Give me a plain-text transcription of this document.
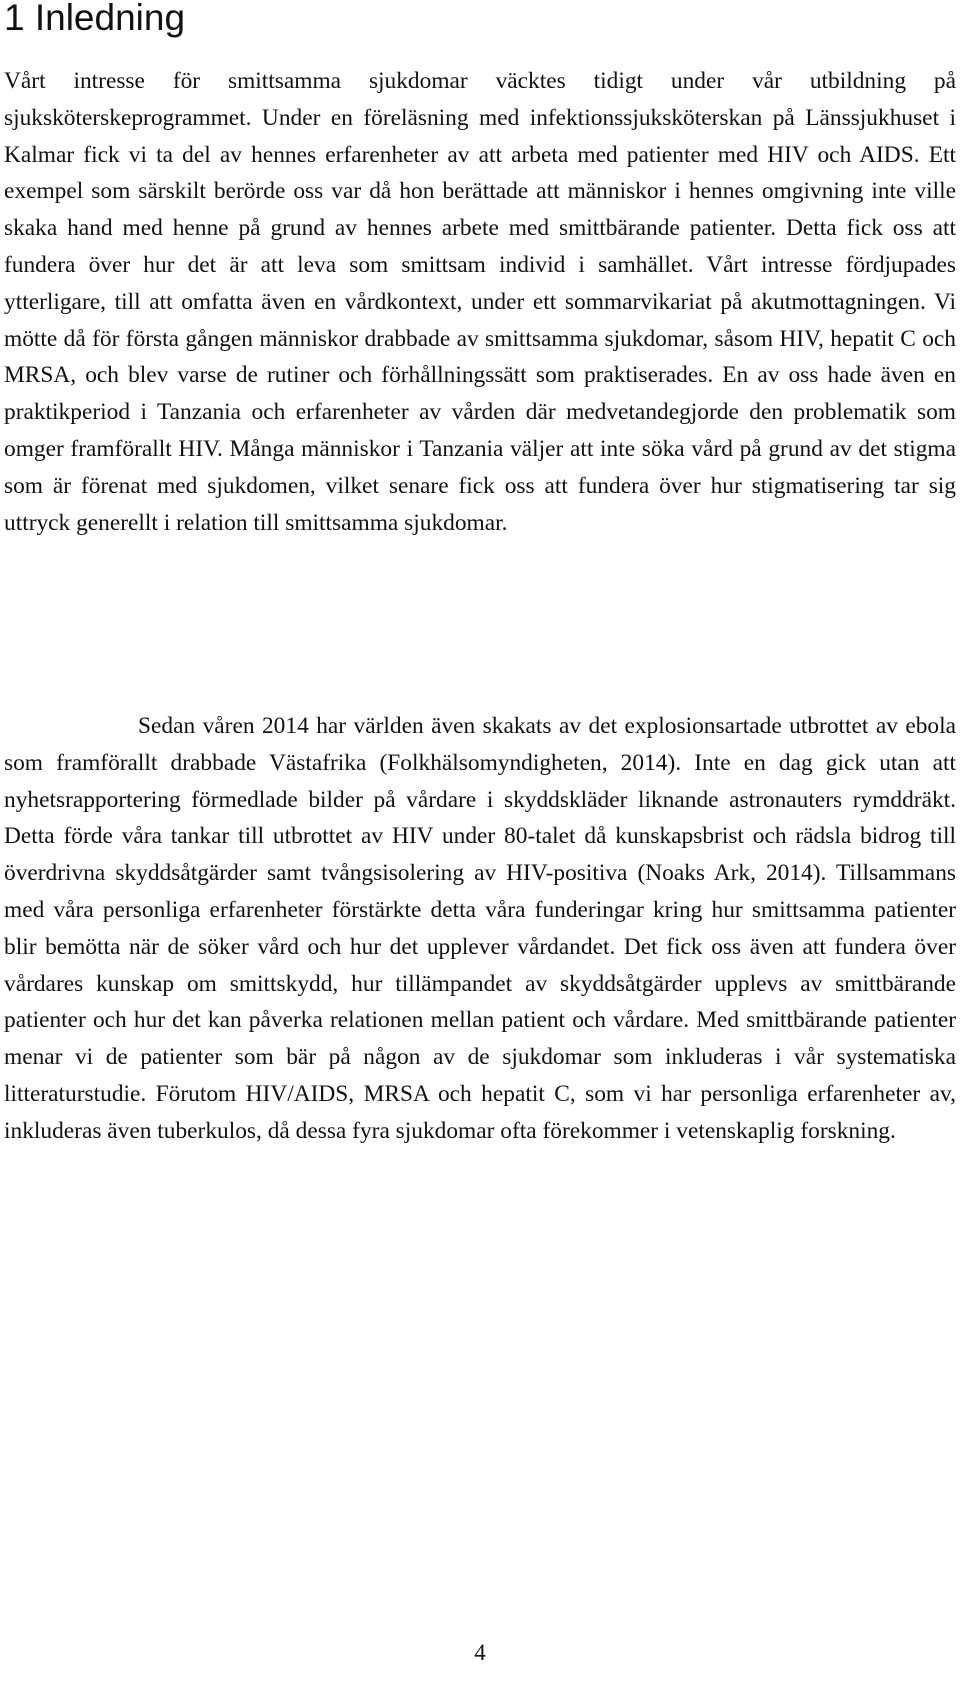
1 Inledning

Vårt intresse för smittsamma sjukdomar väcktes tidigt under vår utbildning på sjuksköterskeprogrammet. Under en föreläsning med infektionssjuksköterskan på Länssjukhuset i Kalmar fick vi ta del av hennes erfarenheter av att arbeta med patienter med HIV och AIDS. Ett exempel som särskilt berörde oss var då hon berättade att människor i hennes omgivning inte ville skaka hand med henne på grund av hennes arbete med smittbärande patienter. Detta fick oss att fundera över hur det är att leva som smittsam individ i samhället. Vårt intresse fördjupades ytterligare, till att omfatta även en vårdkontext, under ett sommarvikariat på akutmottagningen. Vi mötte då för första gången människor drabbade av smittsamma sjukdomar, såsom HIV, hepatit C och MRSA, och blev varse de rutiner och förhållningssätt som praktiserades. En av oss hade även en praktikperiod i Tanzania och erfarenheter av vården där medvetandegjorde den problematik som omger framförallt HIV. Många människor i Tanzania väljer att inte söka vård på grund av det stigma som är förenat med sjukdomen, vilket senare fick oss att fundera över hur stigmatisering tar sig uttryck generellt i relation till smittsamma sjukdomar.

Sedan våren 2014 har världen även skakats av det explosionsartade utbrottet av ebola som framförallt drabbade Västafrika (Folkhälsomyndigheten, 2014). Inte en dag gick utan att nyhetsrapportering förmedlade bilder på vårdare i skyddskläder liknande astronauters rymddräkt. Detta förde våra tankar till utbrottet av HIV under 80-talet då kunskapsbrist och rädsla bidrog till överdrivna skyddsåtgärder samt tvångsisolering av HIV-positiva (Noaks Ark, 2014). Tillsammans med våra personliga erfarenheter förstärkte detta våra funderingar kring hur smittsamma patienter blir bemötta när de söker vård och hur det upplever vårdandet. Det fick oss även att fundera över vårdares kunskap om smittskydd, hur tillämpandet av skyddsåtgärder upplevs av smittbärande patienter och hur det kan påverka relationen mellan patient och vårdare. Med smittbärande patienter menar vi de patienter som bär på någon av de sjukdomar som inkluderas i vår systematiska litteraturstudie. Förutom HIV/AIDS, MRSA och hepatit C, som vi har personliga erfarenheter av, inkluderas även tuberkulos, då dessa fyra sjukdomar ofta förekommer i vetenskaplig forskning.

4
